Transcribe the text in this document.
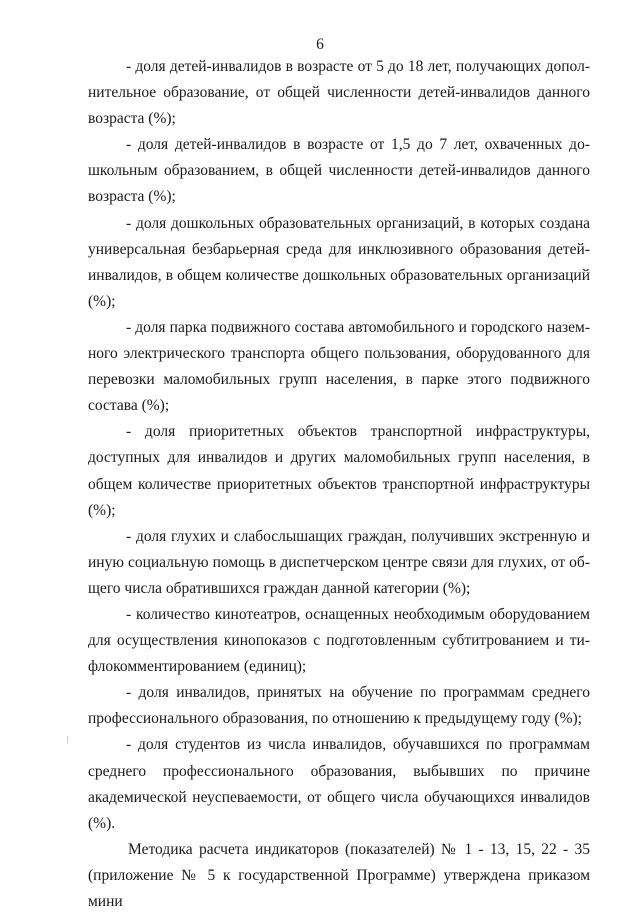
6

- доля детей-инвалидов в возрасте от 5 до 18 лет, получающих дополнительное образование, от общей численности детей-инвалидов данного возраста (%);

- доля детей-инвалидов в возрасте от 1,5 до 7 лет, охваченных дошкольным образованием, в общей численности детей-инвалидов данного возраста (%);

- доля дошкольных образовательных организаций, в которых создана универсальная безбарьерная среда для инклюзивного образования детей-инвалидов, в общем количестве дошкольных образовательных организаций (%);

- доля парка подвижного состава автомобильного и городского наземного электрического транспорта общего пользования, оборудованного для перевозки маломобильных групп населения, в парке этого подвижного состава (%);

- доля приоритетных объектов транспортной инфраструктуры, доступных для инвалидов и других маломобильных групп населения, в общем количестве приоритетных объектов транспортной инфраструктуры (%);

- доля глухих и слабослышащих граждан, получивших экстренную и иную социальную помощь в диспетчерском центре связи для глухих, от общего числа обратившихся граждан данной категории (%);

- количество кинотеатров, оснащенных необходимым оборудованием для осуществления кинопоказов с подготовленным субтитрованием и тифлокомментированием (единиц);

- доля инвалидов, принятых на обучение по программам среднего профессионального образования, по отношению к предыдущему году (%);

- доля студентов из числа инвалидов, обучавшихся по программам среднего профессионального образования, выбывших по причине академической неуспеваемости, от общего числа обучающихся инвалидов (%).

Методика расчета индикаторов (показателей) № 1 - 13, 15, 22 - 35 (приложение № 5 к государственной Программе) утверждена приказом мини
